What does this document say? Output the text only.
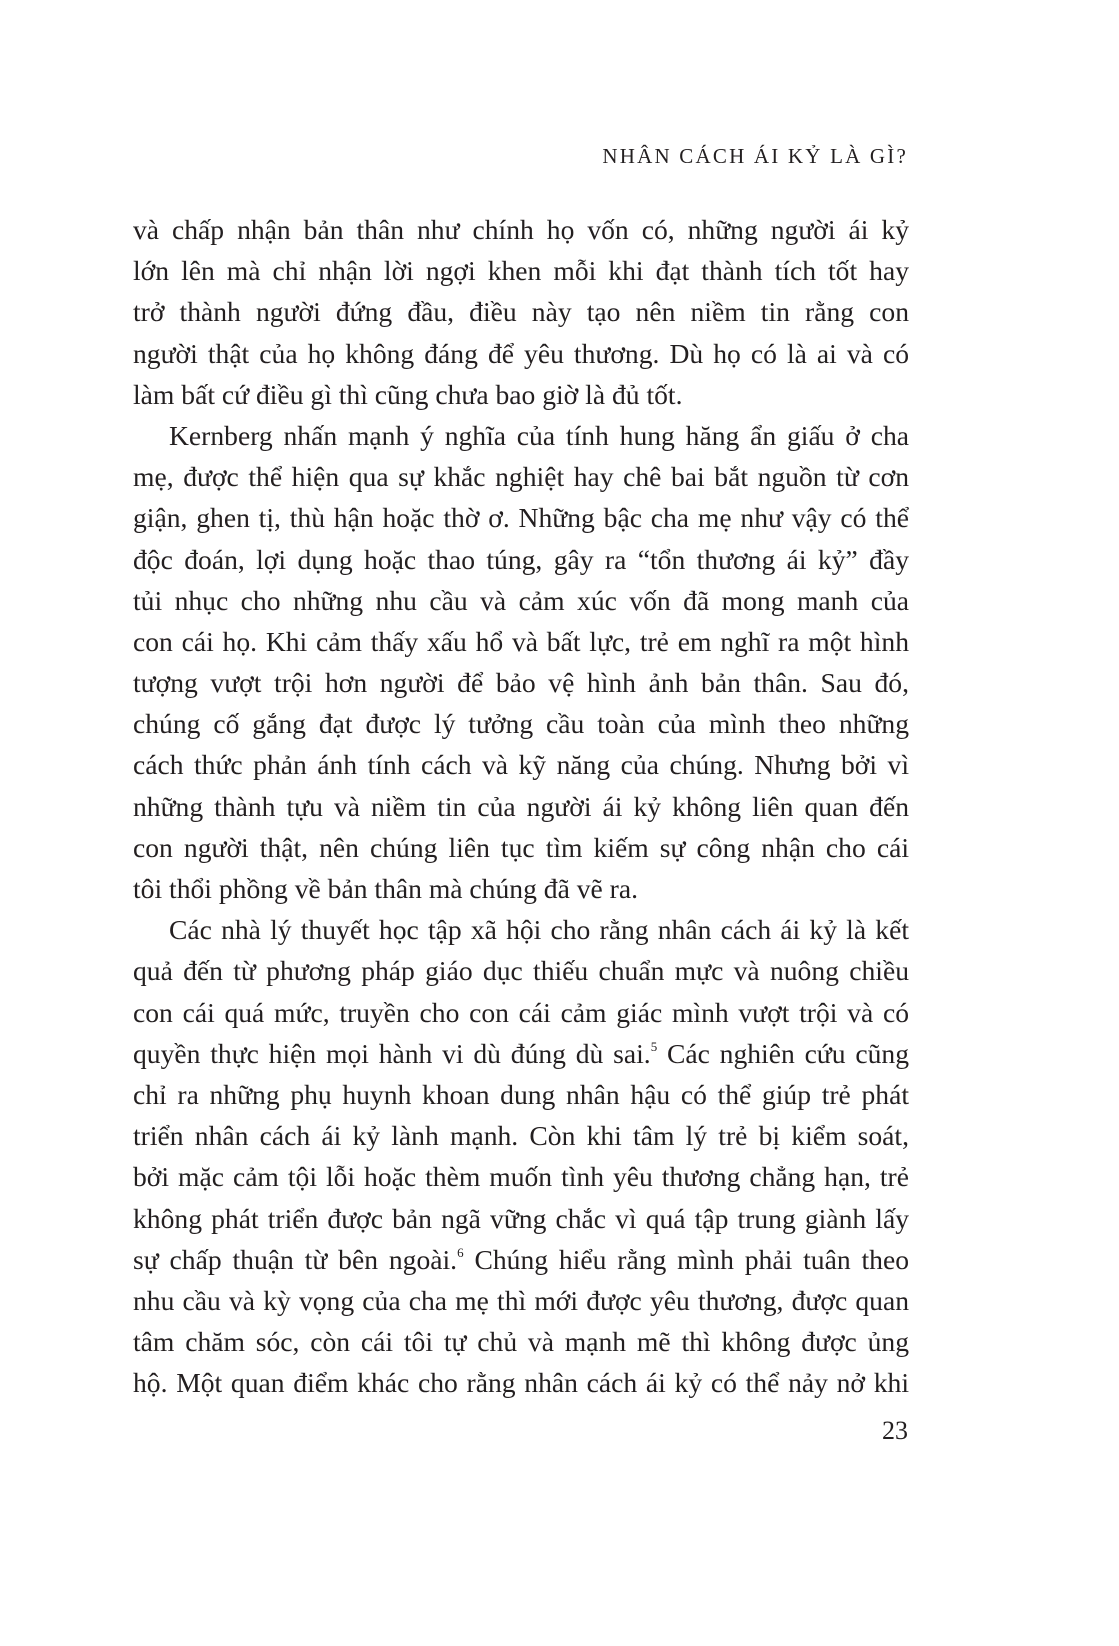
NHÂN CÁCH ÁI KỶ LÀ GÌ?
và chấp nhận bản thân như chính họ vốn có, những người ái kỷ
lớn lên mà chỉ nhận lời ngợi khen mỗi khi đạt thành tích tốt hay
trở thành người đứng đầu, điều này tạo nên niềm tin rằng con
người thật của họ không đáng để yêu thương. Dù họ có là ai và có
làm bất cứ điều gì thì cũng chưa bao giờ là đủ tốt.
Kernberg nhấn mạnh ý nghĩa của tính hung hăng ẩn giấu ở cha
mẹ, được thể hiện qua sự khắc nghiệt hay chê bai bắt nguồn từ cơn
giận, ghen tị, thù hận hoặc thờ ơ. Những bậc cha mẹ như vậy có thể
độc đoán, lợi dụng hoặc thao túng, gây ra “tổn thương ái kỷ” đầy
tủi nhục cho những nhu cầu và cảm xúc vốn đã mong manh của
con cái họ. Khi cảm thấy xấu hổ và bất lực, trẻ em nghĩ ra một hình
tượng vượt trội hơn người để bảo vệ hình ảnh bản thân. Sau đó,
chúng cố gắng đạt được lý tưởng cầu toàn của mình theo những
cách thức phản ánh tính cách và kỹ năng của chúng. Nhưng bởi vì
những thành tựu và niềm tin của người ái kỷ không liên quan đến
con người thật, nên chúng liên tục tìm kiếm sự công nhận cho cái
tôi thổi phồng về bản thân mà chúng đã vẽ ra.
Các nhà lý thuyết học tập xã hội cho rằng nhân cách ái kỷ là kết
quả đến từ phương pháp giáo dục thiếu chuẩn mực và nuông chiều
con cái quá mức, truyền cho con cái cảm giác mình vượt trội và có
quyền thực hiện mọi hành vi dù đúng dù sai.$^5$ Các nghiên cứu cũng
chỉ ra những phụ huynh khoan dung nhân hậu có thể giúp trẻ phát
triển nhân cách ái kỷ lành mạnh. Còn khi tâm lý trẻ bị kiểm soát,
bởi mặc cảm tội lỗi hoặc thèm muốn tình yêu thương chẳng hạn, trẻ
không phát triển được bản ngã vững chắc vì quá tập trung giành lấy
sự chấp thuận từ bên ngoài.$^6$ Chúng hiểu rằng mình phải tuân theo
nhu cầu và kỳ vọng của cha mẹ thì mới được yêu thương, được quan
tâm chăm sóc, còn cái tôi tự chủ và mạnh mẽ thì không được ủng
hộ. Một quan điểm khác cho rằng nhân cách ái kỷ có thể nảy nở khi
23
